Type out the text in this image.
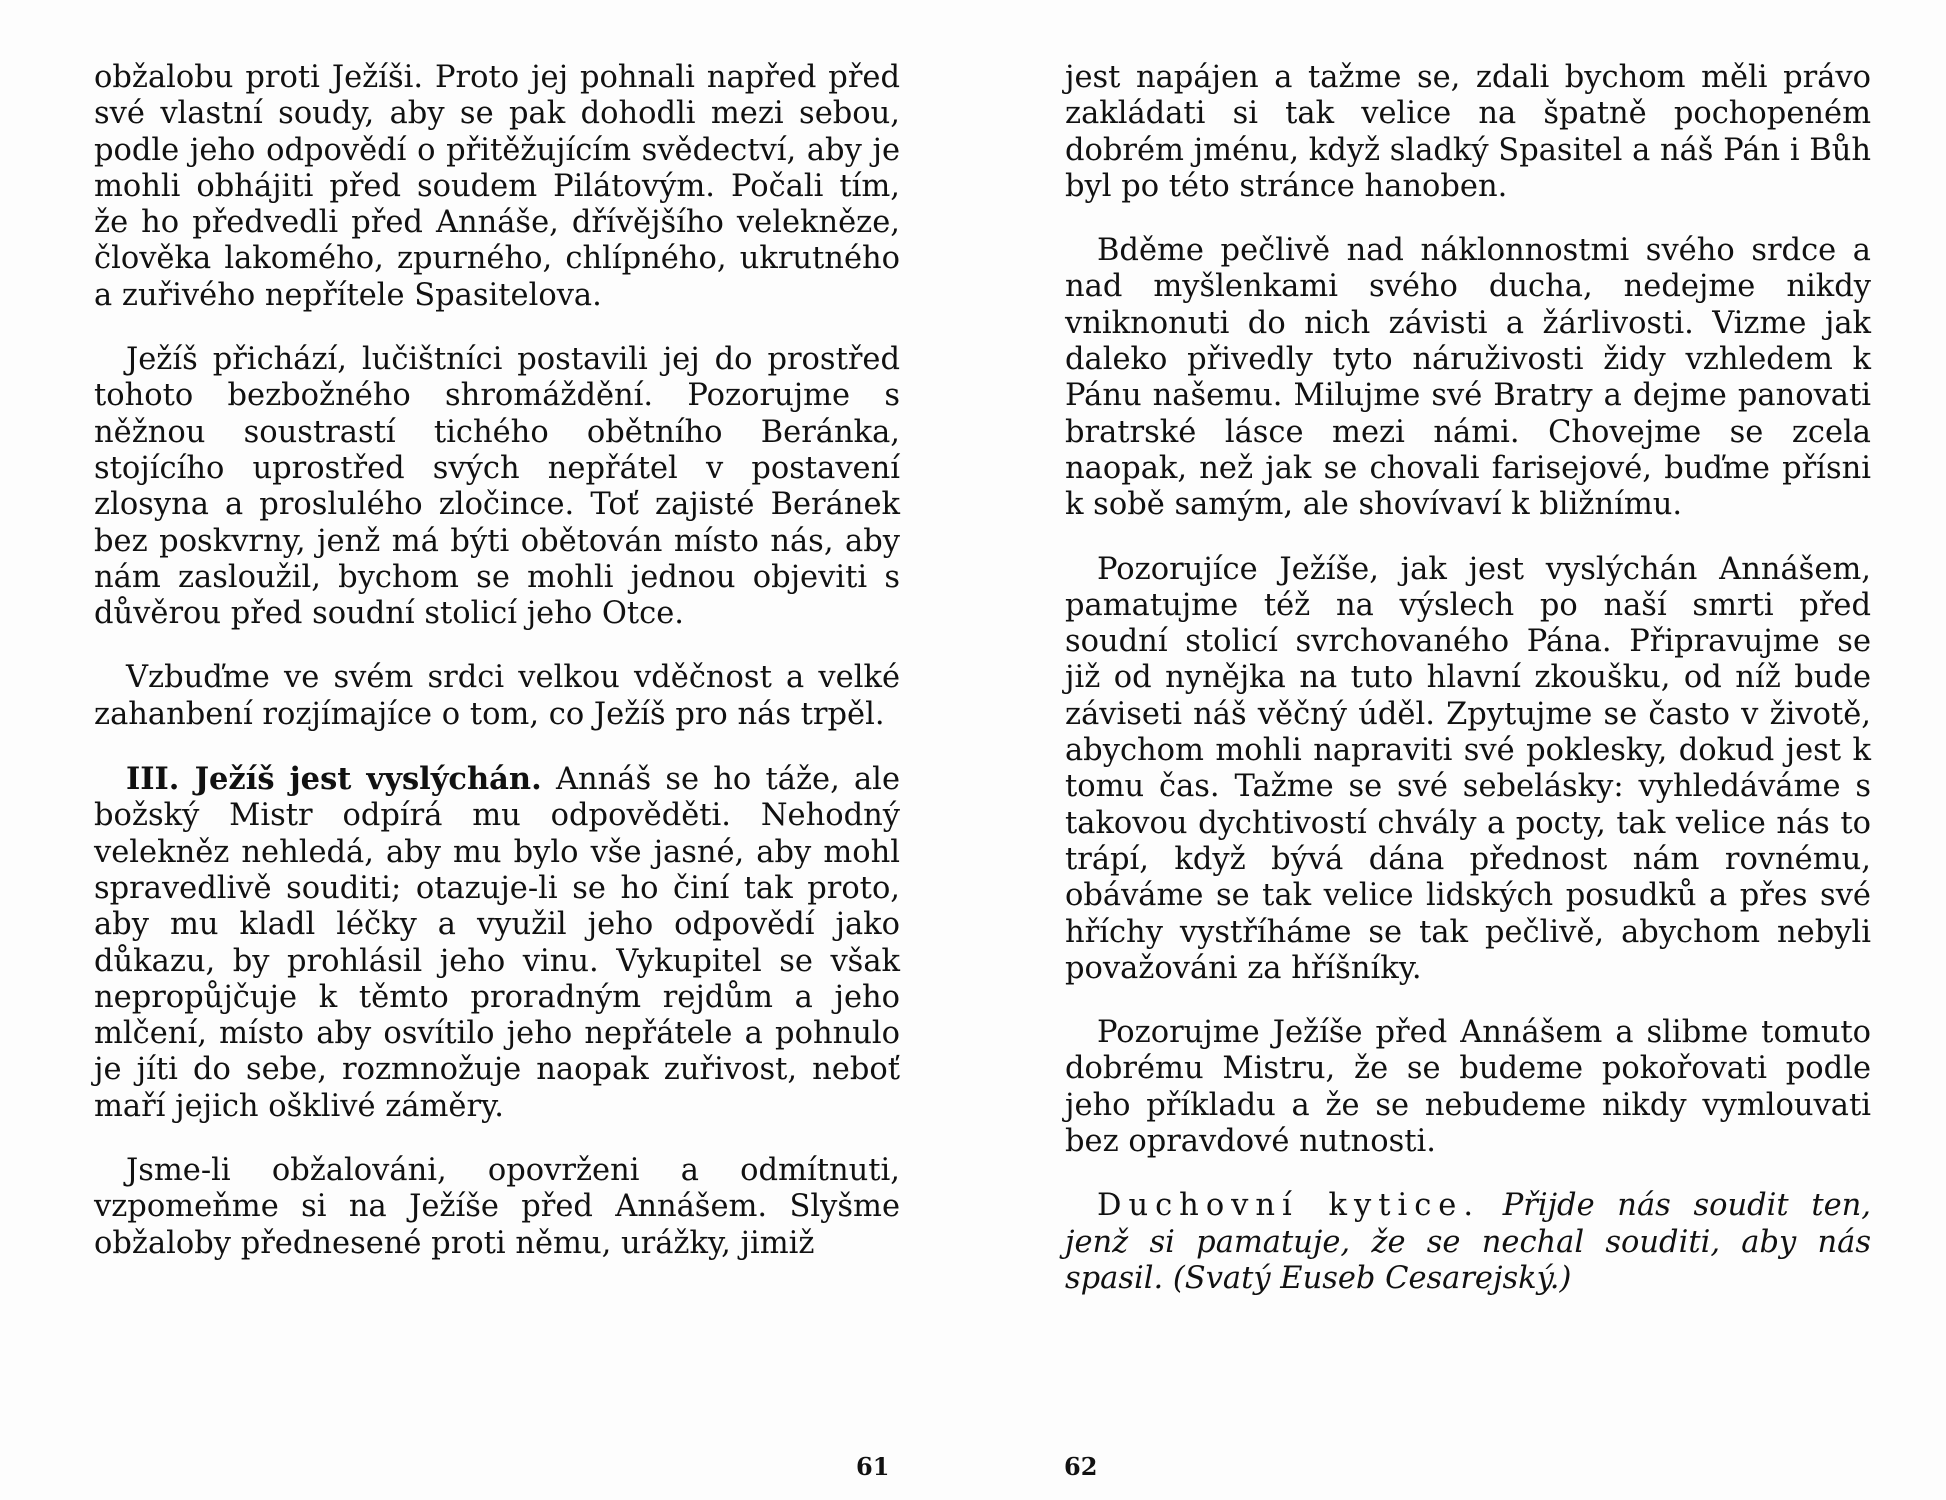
obžalobu proti Ježíši. Proto jej pohnali napřed před své vlastní soudy, aby se pak dohodli mezi sebou, podle jeho odpovědí o přitěžujícím svědectví, aby je mohli obhájiti před soudem Pilátovým. Počali tím, že ho předvedli před Annáše, dřívějšího velekněze, člověka lakomého, zpurného, chlípného, ukrutného a zuřivého nepřítele Spasitelova.

Ježíš přichází, lučištníci postavili jej do prostřed tohoto bezbožného shromáždění. Pozorujme s něžnou soustrastí tichého obětního Beránka, stojícího uprostřed svých nepřátel v postavení zlosyna a proslulého zločince. Toť zajisté Beránek bez poskvrny, jenž má býti obětován místo nás, aby nám zasloužil, bychom se mohli jednou objeviti s důvěrou před soudní stolicí jeho Otce.

Vzbuďme ve svém srdci velkou vděčnost a velké zahanbení rozjímajíce o tom, co Ježíš pro nás trpěl.

III. Ježíš jest vyslýchán. Annáš se ho táže, ale božský Mistr odpírá mu odpověděti. Nehodný velekněz nehledá, aby mu bylo vše jasné, aby mohl spravedlivě souditi; otazuje-li se ho činí tak proto, aby mu kladl léčky a využil jeho odpovědí jako důkazu, by prohlásil jeho vinu. Vykupitel se však nepropůjčuje k těmto proradným rejdům a jeho mlčení, místo aby osvítilo jeho nepřátele a pohnulo je jíti do sebe, rozmnožuje naopak zuřivost, neboť maří jejich ošklivé záměry.

Jsme-li obžalováni, opovrženi a odmítnuti, vzpomeňme si na Ježíše před Annášem. Slyšme obžaloby přednesené proti němu, urážky, jimiž

jest napájen a tažme se, zdali bychom měli právo zakládati si tak velice na špatně pochopeném dobrém jménu, když sladký Spasitel a náš Pán i Bůh byl po této stránce hanoben.

Bděme pečlivě nad náklonnostmi svého srdce a nad myšlenkami svého ducha, nedejme nikdy vniknonuti do nich závisti a žárlivosti. Vizme jak daleko přivedly tyto náruživosti židy vzhledem k Pánu našemu. Milujme své Bratry a dejme panovati bratrské lásce mezi námi. Chovejme se zcela naopak, než jak se chovali farisejové, buďme přísni k sobě samým, ale shovívaví k bližnímu.

Pozorujíce Ježíše, jak jest vyslýchán Annášem, pamatujme též na výslech po naší smrti před soudní stolicí svrchovaného Pána. Připravujme se již od nynějka na tuto hlavní zkoušku, od níž bude záviseti náš věčný úděl. Zpytujme se často v životě, abychom mohli napraviti své poklesky, dokud jest k tomu čas. Tažme se své sebelásky: vyhledáváme s takovou dychtivostí chvály a pocty, tak velice nás to trápí, když bývá dána přednost nám rovnému, obáváme se tak velice lidských posudků a přes své hříchy vystříháme se tak pečlivě, abychom nebyli považováni za hříšníky.

Pozorujme Ježíše před Annášem a slibme tomuto dobrému Mistru, že se budeme pokořovati podle jeho příkladu a že se nebudeme nikdy vymlouvati bez opravdové nutnosti.

Duchovní kytice. Přijde nás soudit ten, jenž si pamatuje, že se nechal souditi, aby nás spasil. (Svatý Euseb Cesarejský.)

61	62
